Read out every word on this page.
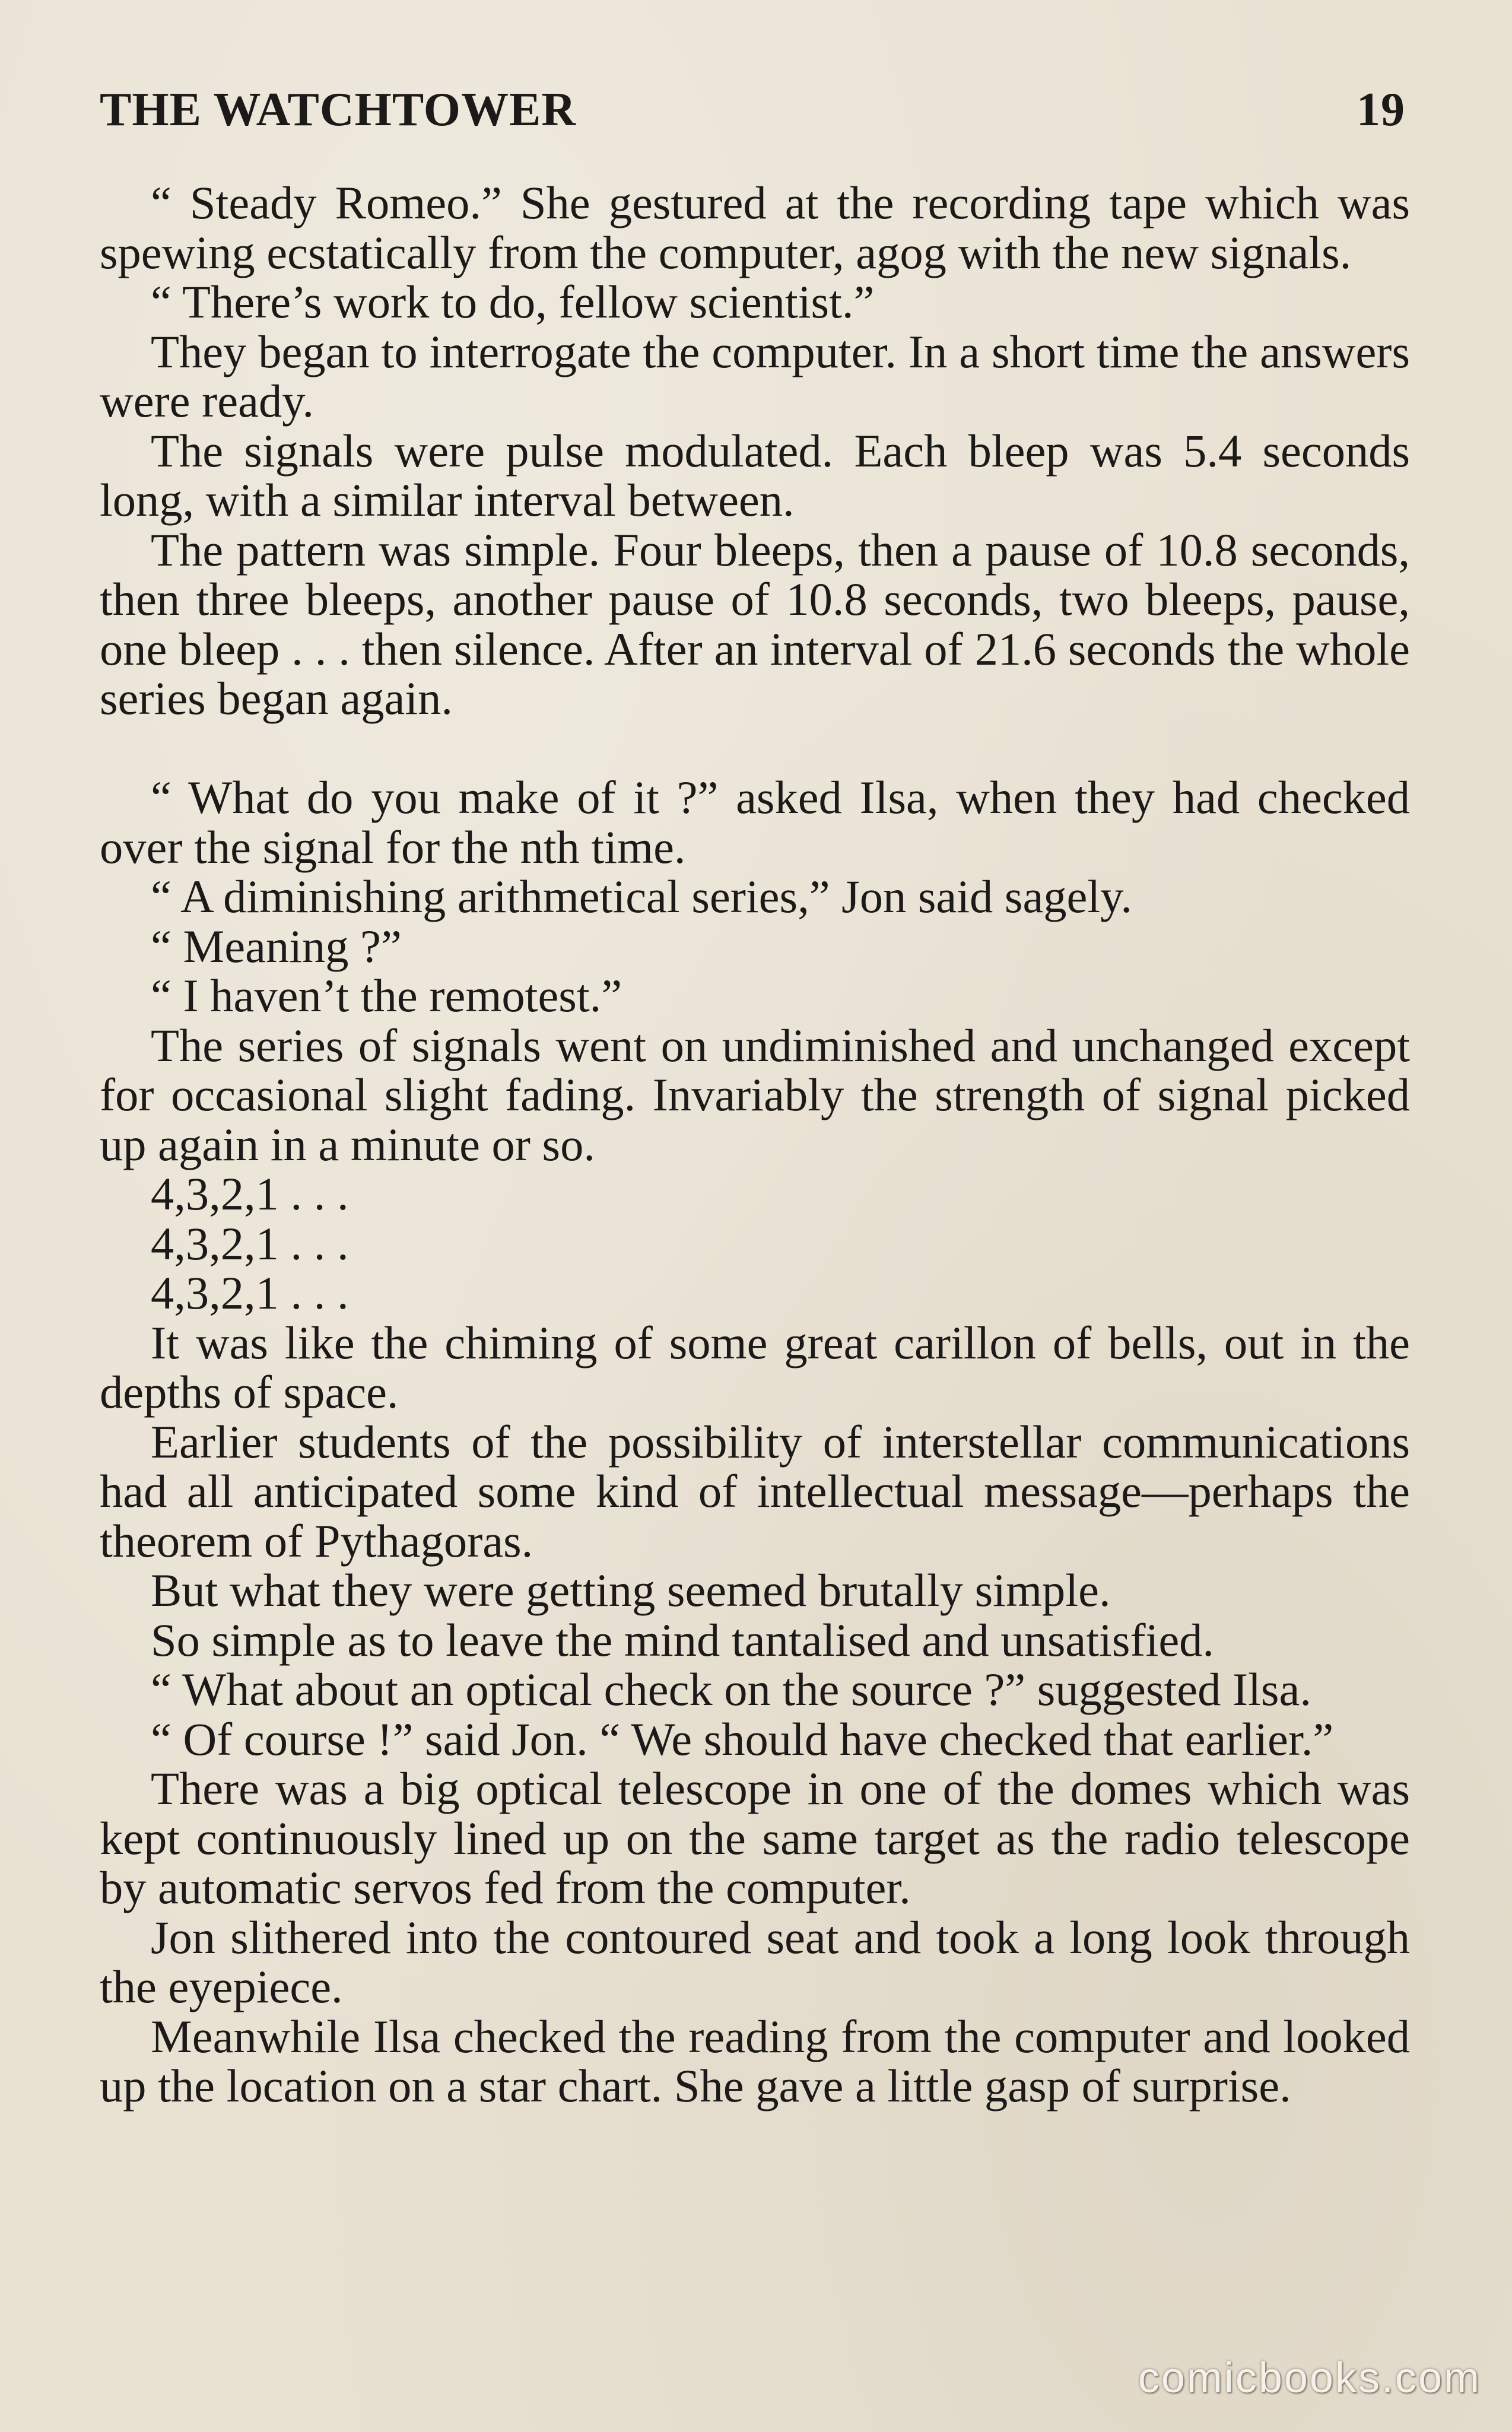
THE WATCHTOWER	19

“ Steady Romeo.” She gestured at the recording tape which was spewing ecstatically from the computer, agog with the new signals.

“ There’s work to do, fellow scientist.”

They began to interrogate the computer. In a short time the answers were ready.

The signals were pulse modulated. Each bleep was 5.4 seconds long, with a similar interval between.

The pattern was simple. Four bleeps, then a pause of 10.8 seconds, then three bleeps, another pause of 10.8 seconds, two bleeps, pause, one bleep . . . then silence. After an interval of 21.6 seconds the whole series began again.

“ What do you make of it ?” asked Ilsa, when they had checked over the signal for the nth time.

“ A diminishing arithmetical series,” Jon said sagely.

“ Meaning ?”

“ I haven’t the remotest.”

The series of signals went on undiminished and unchanged except for occasional slight fading. Invariably the strength of signal picked up again in a minute or so.

4,3,2,1 . . .

4,3,2,1 . . .

4,3,2,1 . . .

It was like the chiming of some great carillon of bells, out in the depths of space.

Earlier students of the possibility of interstellar communications had all anticipated some kind of intellectual message—perhaps the theorem of Pythagoras.

But what they were getting seemed brutally simple.

So simple as to leave the mind tantalised and unsatisfied.

“ What about an optical check on the source ?” suggested Ilsa.

“ Of course !” said Jon. “ We should have checked that earlier.”

There was a big optical telescope in one of the domes which was kept continuously lined up on the same target as the radio telescope by automatic servos fed from the computer.

Jon slithered into the contoured seat and took a long look through the eyepiece.

Meanwhile Ilsa checked the reading from the computer and looked up the location on a star chart. She gave a little gasp of surprise.

comicbooks.com
